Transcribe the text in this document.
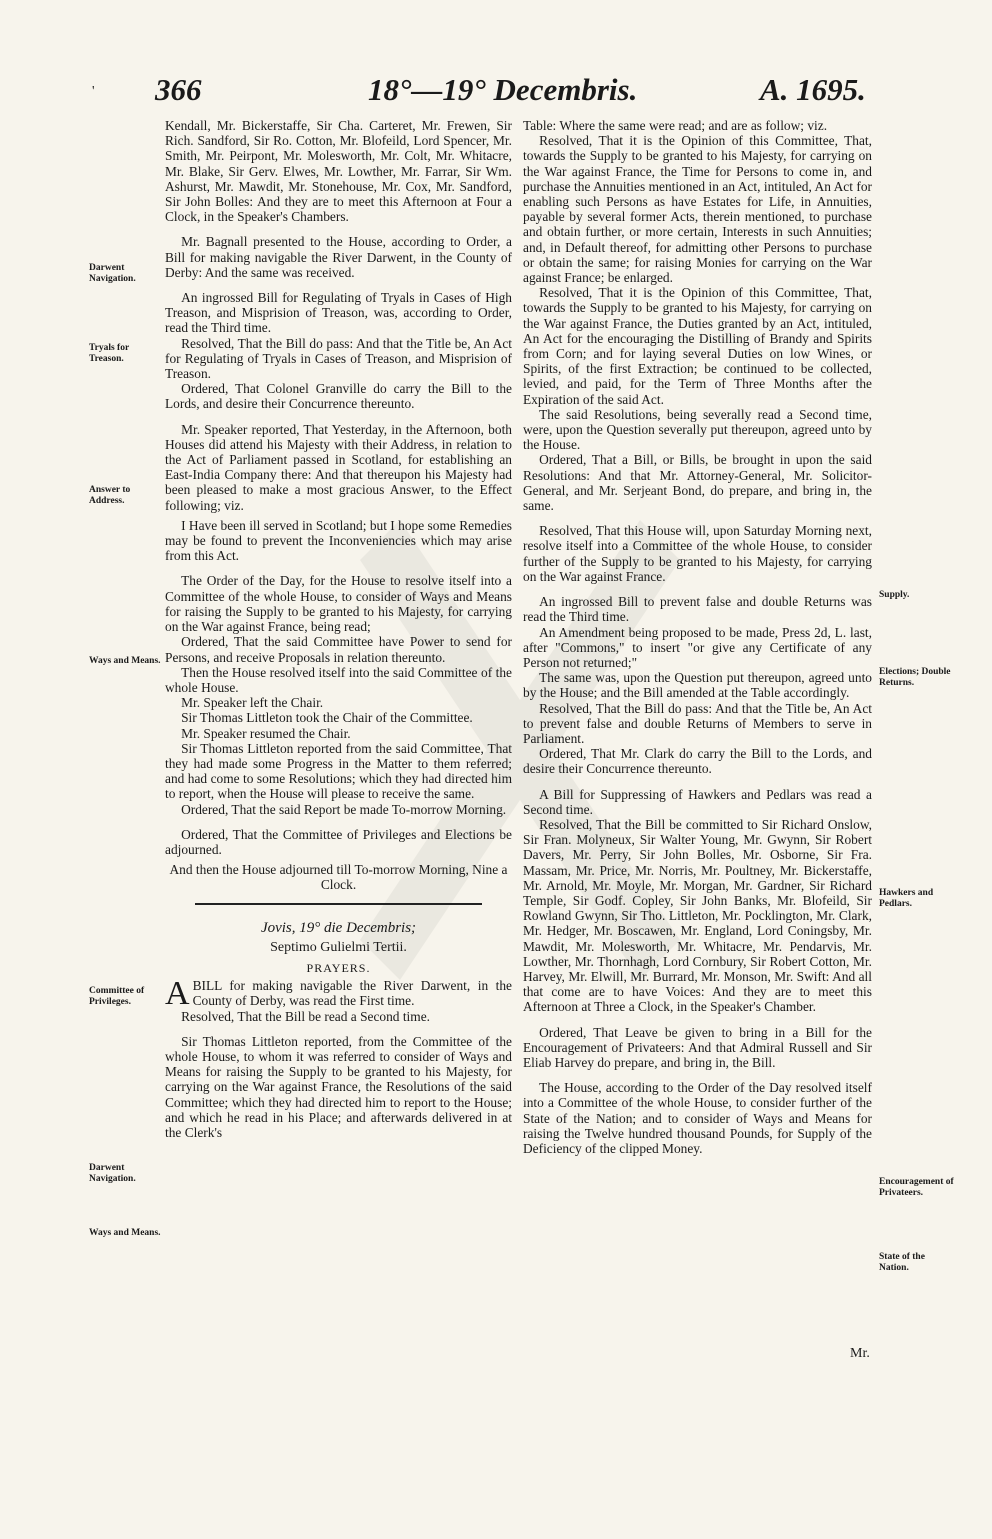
' 366	18°—19° Decembris.	A. 1695.
Darwent Navigation.
Tryals for Treason.
Answer to Address.
Ways and Means.
Committee of Privileges.
Darwent Navigation.
Ways and Means.
Supply.
Elections; Double Returns.
Hawkers and Pedlars.
Encouragement of Privateers.
State of the Nation.

Kendall, Mr. Bickerstaffe, Sir Cha. Carteret, Mr. Frewen, Sir Rich. Sandford, Sir Ro. Cotton, Mr. Blofeild, Lord Spencer, Mr. Smith, Mr. Peirpont, Mr. Molesworth, Mr. Colt, Mr. Whitacre, Mr. Blake, Sir Gerv. Elwes, Mr. Lowther, Mr. Farrar, Sir Wm. Ashurst, Mr. Mawdit, Mr. Stonehouse, Mr. Cox, Mr. Sandford, Sir John Bolles: And they are to meet this Afternoon at Four a Clock, in the Speaker's Chambers.

Mr. Bagnall presented to the House, according to Order, a Bill for making navigable the River Darwent, in the County of Derby: And the same was received.

An ingrossed Bill for Regulating of Tryals in Cases of High Treason, and Misprision of Treason, was, according to Order, read the Third time.

Resolved, That the Bill do pass: And that the Title be, An Act for Regulating of Tryals in Cases of Treason, and Misprision of Treason.

Ordered, That Colonel Granville do carry the Bill to the Lords, and desire their Concurrence thereunto.

Mr. Speaker reported, That Yesterday, in the Afternoon, both Houses did attend his Majesty with their Address, in relation to the Act of Parliament passed in Scotland, for establishing an East-India Company there: And that thereupon his Majesty had been pleased to make a most gracious Answer, to the Effect following; viz.

I Have been ill served in Scotland; but I hope some Remedies may be found to prevent the Inconveniencies which may arise from this Act.

The Order of the Day, for the House to resolve itself into a Committee of the whole House, to consider of Ways and Means for raising the Supply to be granted to his Majesty, for carrying on the War against France, being read;

Ordered, That the said Committee have Power to send for Persons, and receive Proposals in relation thereunto.

Then the House resolved itself into the said Committee of the whole House.

Mr. Speaker left the Chair.

Sir Thomas Littleton took the Chair of the Committee.

Mr. Speaker resumed the Chair.

Sir Thomas Littleton reported from the said Committee, That they had made some Progress in the Matter to them referred; and had come to some Resolutions; which they had directed him to report, when the House will please to receive the same.

Ordered, That the said Report be made To-morrow Morning.

Ordered, That the Committee of Privileges and Elections be adjourned.

And then the House adjourned till To-morrow Morning, Nine a Clock.

Jovis, 19° die Decembris;

Septimo Gulielmi Tertii.

PRAYERS.

ABILL for making navigable the River Darwent, in the County of Derby, was read the First time.

Resolved, That the Bill be read a Second time.

Sir Thomas Littleton reported, from the Committee of the whole House, to whom it was referred to consider of Ways and Means for raising the Supply to be granted to his Majesty, for carrying on the War against France, the Resolutions of the said Committee; which they had directed him to report to the House; and which he read in his Place; and afterwards delivered in at the Clerk's

Table: Where the same were read; and are as follow; viz.

Resolved, That it is the Opinion of this Committee, That, towards the Supply to be granted to his Majesty, for carrying on the War against France, the Time for Persons to come in, and purchase the Annuities mentioned in an Act, intituled, An Act for enabling such Persons as have Estates for Life, in Annuities, payable by several former Acts, therein mentioned, to purchase and obtain further, or more certain, Interests in such Annuities; and, in Default thereof, for admitting other Persons to purchase or obtain the same; for raising Monies for carrying on the War against France; be enlarged.

Resolved, That it is the Opinion of this Committee, That, towards the Supply to be granted to his Majesty, for carrying on the War against France, the Duties granted by an Act, intituled, An Act for the encouraging the Distilling of Brandy and Spirits from Corn; and for laying several Duties on low Wines, or Spirits, of the first Extraction; be continued to be collected, levied, and paid, for the Term of Three Months after the Expiration of the said Act.

The said Resolutions, being severally read a Second time, were, upon the Question severally put thereupon, agreed unto by the House.

Ordered, That a Bill, or Bills, be brought in upon the said Resolutions: And that Mr. Attorney-General, Mr. Solicitor-General, and Mr. Serjeant Bond, do prepare, and bring in, the same.

Resolved, That this House will, upon Saturday Morning next, resolve itself into a Committee of the whole House, to consider further of the Supply to be granted to his Majesty, for carrying on the War against France.

An ingrossed Bill to prevent false and double Returns was read the Third time.

An Amendment being proposed to be made, Press 2d, L. last, after "Commons," to insert "or give any Certificate of any Person not returned;"

The same was, upon the Question put thereupon, agreed unto by the House; and the Bill amended at the Table accordingly.

Resolved, That the Bill do pass: And that the Title be, An Act to prevent false and double Returns of Members to serve in Parliament.

Ordered, That Mr. Clark do carry the Bill to the Lords, and desire their Concurrence thereunto.

A Bill for Suppressing of Hawkers and Pedlars was read a Second time.

Resolved, That the Bill be committed to Sir Richard Onslow, Sir Fran. Molyneux, Sir Walter Young, Mr. Gwynn, Sir Robert Davers, Mr. Perry, Sir John Bolles, Mr. Osborne, Sir Fra. Massam, Mr. Price, Mr. Norris, Mr. Poultney, Mr. Bickerstaffe, Mr. Arnold, Mr. Moyle, Mr. Morgan, Mr. Gardner, Sir Richard Temple, Sir Godf. Copley, Sir John Banks, Mr. Blofeild, Sir Rowland Gwynn, Sir Tho. Littleton, Mr. Pocklington, Mr. Clark, Mr. Hedger, Mr. Boscawen, Mr. England, Lord Coningsby, Mr. Mawdit, Mr. Molesworth, Mr. Whitacre, Mr. Pendarvis, Mr. Lowther, Mr. Thornhagh, Lord Cornbury, Sir Robert Cotton, Mr. Harvey, Mr. Elwill, Mr. Burrard, Mr. Monson, Mr. Swift: And all that come are to have Voices: And they are to meet this Afternoon at Three a Clock, in the Speaker's Chamber.

Ordered, That Leave be given to bring in a Bill for the Encouragement of Privateers: And that Admiral Russell and Sir Eliab Harvey do prepare, and bring in, the Bill.

The House, according to the Order of the Day resolved itself into a Committee of the whole House, to consider further of the State of the Nation; and to consider of Ways and Means for raising the Twelve hundred thousand Pounds, for Supply of the Deficiency of the clipped Money.

Mr.
